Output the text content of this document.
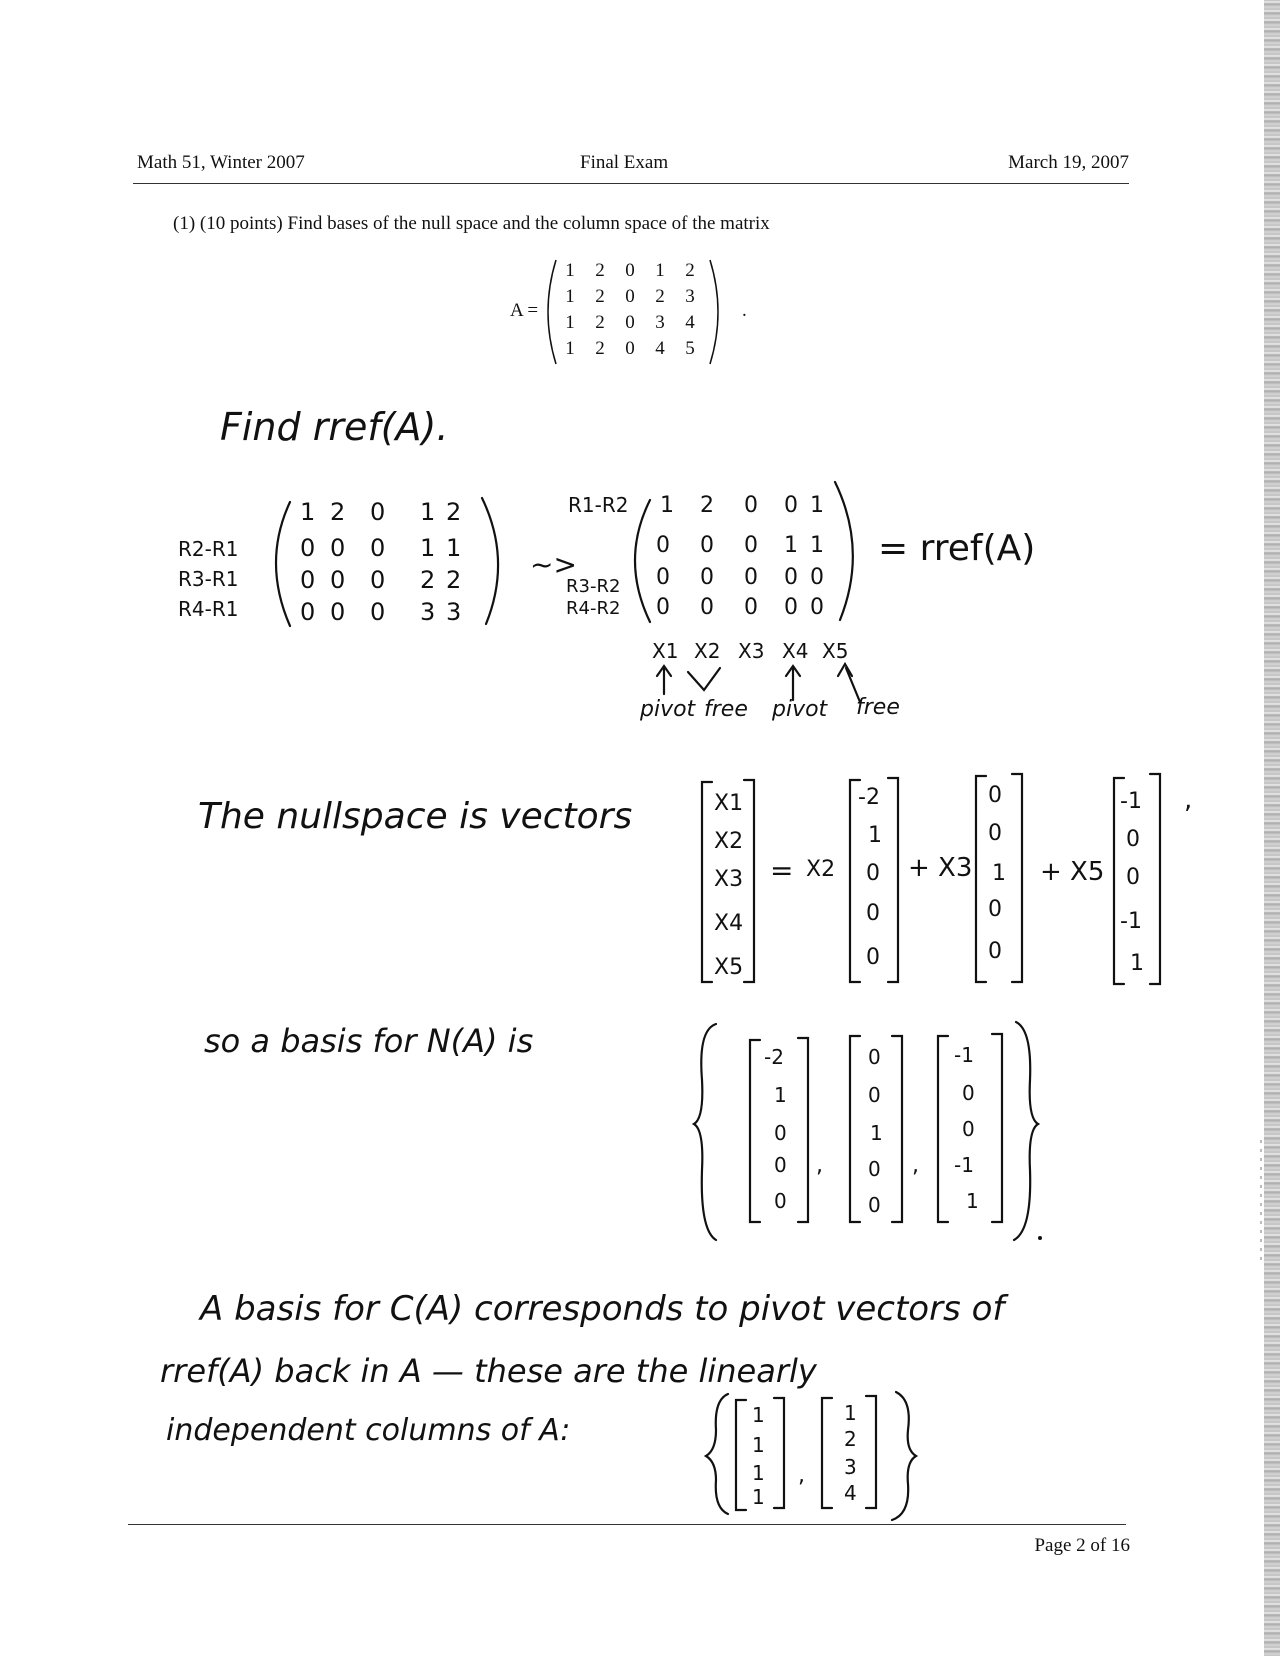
Math 51, Winter 2007	Final Exam	March 19, 2007
(1) (10 points) Find bases of the null space and the column space of the matrix
A =
1 2 0 1 2
1 2 0 2 3
1 2 0 3 4
1 2 0 4 5
.
Find rref(A).
R2-R1
R3-R1
R4-R1
1 2 0 1 2
0 0 0 1 1
0 0 0 2 2
0 0 0 3 3
~>
R1-R2
R3-R2
R4-R2
1 2 0 0 1
0 0 0 1 1
0 0 0 0 0
0 0 0 0 0
= rref(A)
X1 X2 X3 X4 X5
pivot free pivot free
The nullspace is vectors	X1
X2
X3
X4
X5
= X2
-2
1
0
0
0
+ X3
0
0
1
0
0
+ X5
-1
0
0
-1
1
,
so a basis for N(A) is	-2
1
0
0
0
,
0
0
1
0
0
,
-1
0
0
-1
1
A basis for C(A) corresponds to pivot vectors of
rref(A) back in A — these are the linearly
independent columns of A:	1
1
1
1
,
1
2
3
4
Page 2 of 16
